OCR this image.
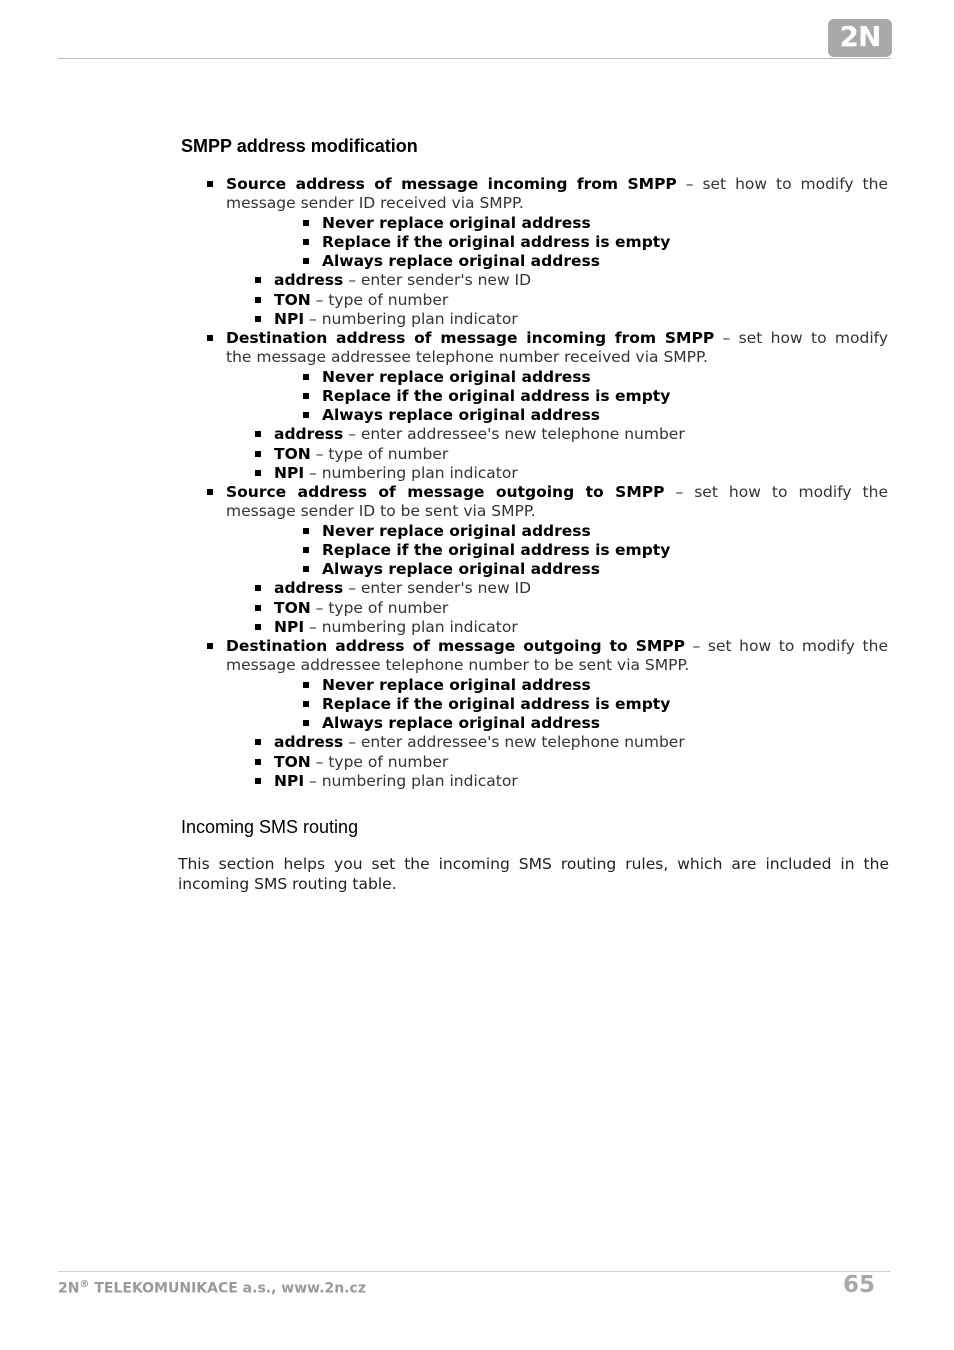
2N
SMPP address modification
Source address of message incoming from SMPP – set how to modify the
message sender ID received via SMPP.
Never replace original address
Replace if the original address is empty
Always replace original address
address – enter sender's new ID
TON – type of number
NPI – numbering plan indicator
Destination address of message incoming from SMPP – set how to modify
the message addressee telephone number received via SMPP.
Never replace original address
Replace if the original address is empty
Always replace original address
address – enter addressee's new telephone number
TON – type of number
NPI – numbering plan indicator
Source address of message outgoing to SMPP – set how to modify the
message sender ID to be sent via SMPP.
Never replace original address
Replace if the original address is empty
Always replace original address
address – enter sender's new ID
TON – type of number
NPI – numbering plan indicator
Destination address of message outgoing to SMPP – set how to modify the
message addressee telephone number to be sent via SMPP.
Never replace original address
Replace if the original address is empty
Always replace original address
address – enter addressee's new telephone number
TON – type of number
NPI – numbering plan indicator
Incoming SMS routing
This section helps you set the incoming SMS routing rules, which are included in the
incoming SMS routing table.
2N® TELEKOMUNIKACE a.s., www.2n.cz	65
